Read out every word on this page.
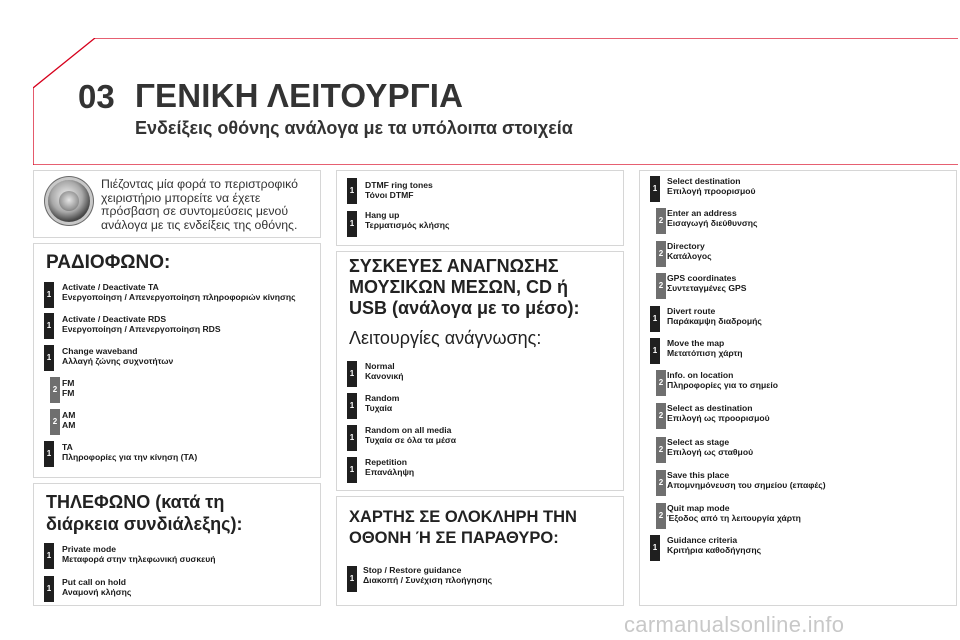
03 ΓΕΝΙΚΗ ΛΕΙΤΟΥΡΓΙΑ
Ενδείξεις οθόνης ανάλογα με τα υπόλοιπα στοιχεία
Πιέζοντας μία φορά το περιστροφικό χειριστήριο μπορείτε να έχετε πρόσβαση σε συντομεύσεις μενού ανάλογα με τις ενδείξεις της οθόνης.
ΡΑΔΙΟΦΩΝΟ:
1
Activate / Deactivate TA
Ενεργοποίηση / Απενεργοποίηση πληροφοριών κίνησης
1
Activate / Deactivate RDS
Ενεργοποίηση / Απενεργοποίηση RDS
1
Change waveband
Αλλαγή ζώνης συχνοτήτων
2
FM
FM
2
AM
AM
1
TA
Πληροφορίες για την κίνηση (TA)
ΤΗΛΕΦΩΝΟ (κατά τη
διάρκεια συνδιάλεξης):
1
Private mode
Μεταφορά στην τηλεφωνική συσκευή
1
Put call on hold
Αναμονή κλήσης
1
DTMF ring tones
Τόνοι DTMF
1
Hang up
Τερματισμός κλήσης
ΣΥΣΚΕΥΕΣ ΑΝΑΓΝΩΣΗΣ
ΜΟΥΣΙΚΩΝ ΜΕΣΩΝ, CD ή
USB (ανάλογα με το μέσο):
Λειτουργίες ανάγνωσης:
1
Normal
Κανονική
1
Random
Τυχαία
1
Random on all media
Τυχαία σε όλα τα μέσα
1
Repetition
Επανάληψη
ΧΑΡΤΗΣ ΣΕ ΟΛΟΚΛΗΡΗ ΤΗΝ
ΟΘΟΝΗ Ή ΣΕ ΠΑΡΑΘΥΡΟ:
1
Stop / Restore guidance
Διακοπή / Συνέχιση πλοήγησης
1
Select destination
Επιλογή προορισμού
2
Enter an address
Εισαγωγή διεύθυνσης
2
Directory
Κατάλογος
2
GPS coordinates
Συντεταγμένες GPS
1
Divert route
Παράκαμψη διαδρομής
1
Move the map
Μετατόπιση χάρτη
2
Info. on location
Πληροφορίες για το σημείο
2
Select as destination
Επιλογή ως προορισμού
2
Select as stage
Επιλογή ως σταθμού
2
Save this place
Απομνημόνευση του σημείου (επαφές)
2
Quit map mode
Έξοδος από τη λειτουργία χάρτη
1
Guidance criteria
Κριτήρια καθοδήγησης
carmanualsonline.info
